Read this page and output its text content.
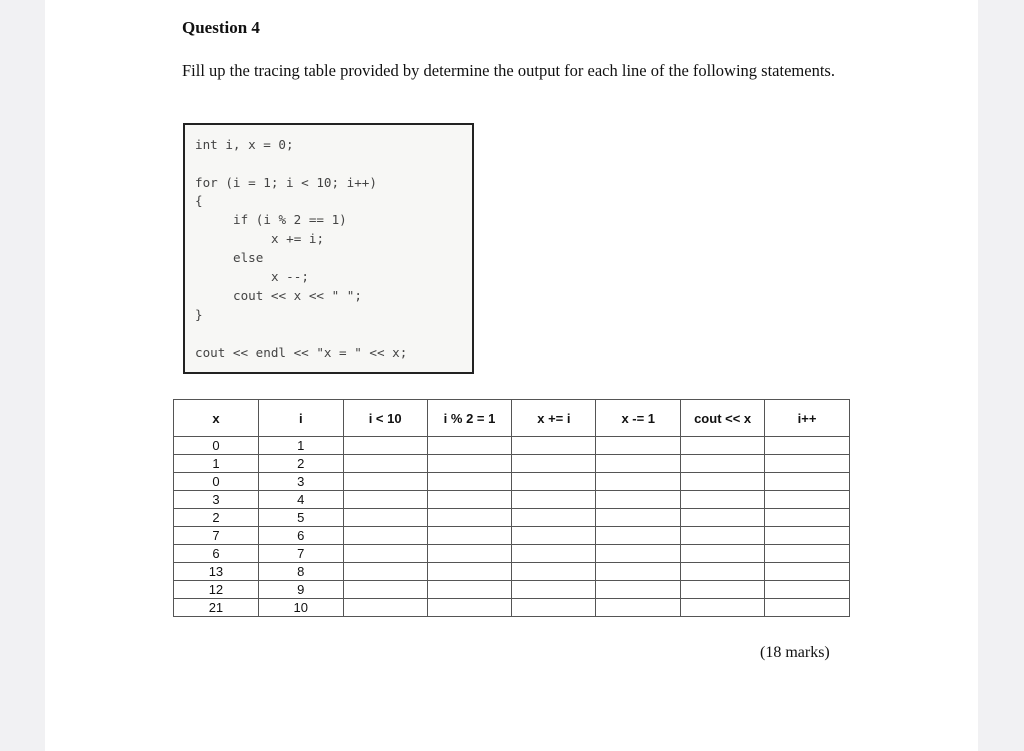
Question 4

Fill up the tracing table provided by determine the output for each line of the following statements.

int i, x = 0;
for (i = 1; i < 10; i++)
{
if (i % 2 == 1)
x += i;
else
x --;
cout << x << " ";
}
cout << endl << "x = " << x;
x	i	i < 10	i % 2 = 1	x += i	x -= 1	cout << x	i++
0	1						
1	2						
0	3						
3	4						
2	5						
7	6						
6	7						
13	8						
12	9						
21	10						

(18 marks)
